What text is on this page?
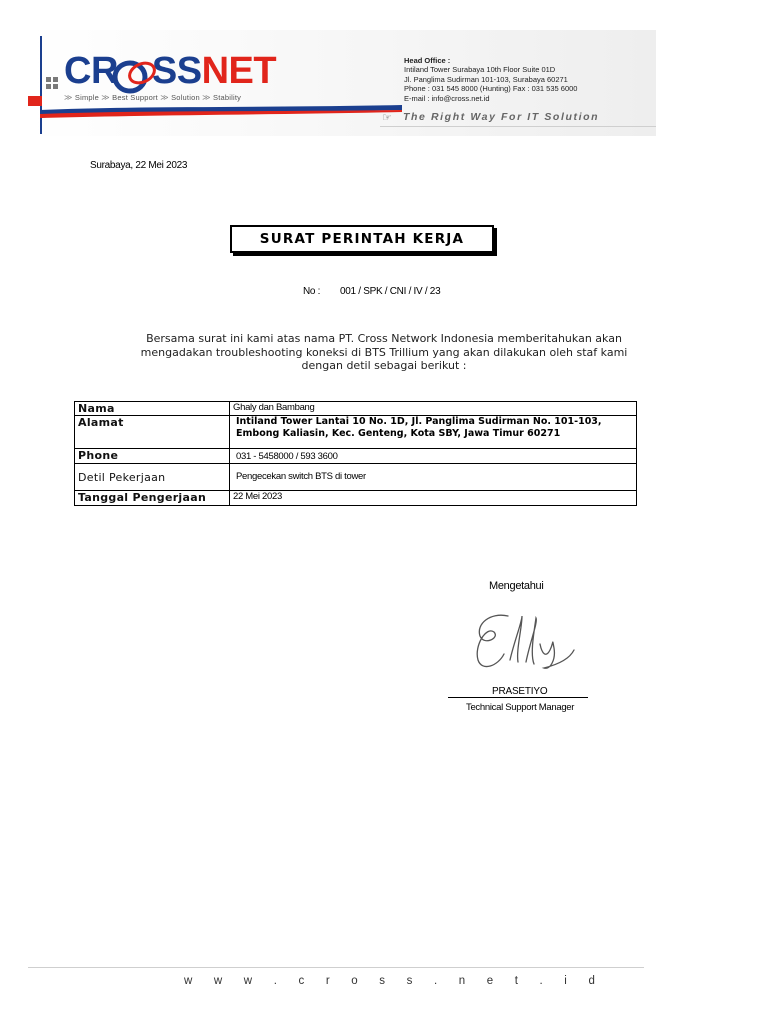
CR SSNET
≫ Simple ≫ Best Support ≫ Solution ≫ Stability
Head Office :
Intiland Tower Surabaya 10th Floor Suite 01D
Jl. Panglima Sudirman 101-103, Surabaya 60271
Phone : 031 545 8000 (Hunting) Fax : 031 535 6000
E-mail : info@cross.net.id
☞ The Right Way For IT Solution
Surabaya, 22 Mei 2023
SURAT PERINTAH KERJA
No : 001 / SPK / CNI / IV / 23
Bersama surat ini kami atas nama PT. Cross Network Indonesia memberitahukan akan
mengadakan troubleshooting koneksi di BTS Trillium yang akan dilakukan oleh staf kami
dengan detil sebagai berikut :
Nama	Ghaly dan Bambang
Alamat	Intiland Tower Lantai 10 No. 1D, Jl. Panglima Sudirman No. 101-103,
Embong Kaliasin, Kec. Genteng, Kota SBY, Jawa Timur 60271

Phone	031 - 5458000 / 593 3600
Detil Pekerjaan	Pengecekan switch BTS di tower
Tanggal Pengerjaan	22 Mei 2023
Mengetahui
PRASETIYO
Technical Support Manager
w w w . c r o s s . n e t . i d
